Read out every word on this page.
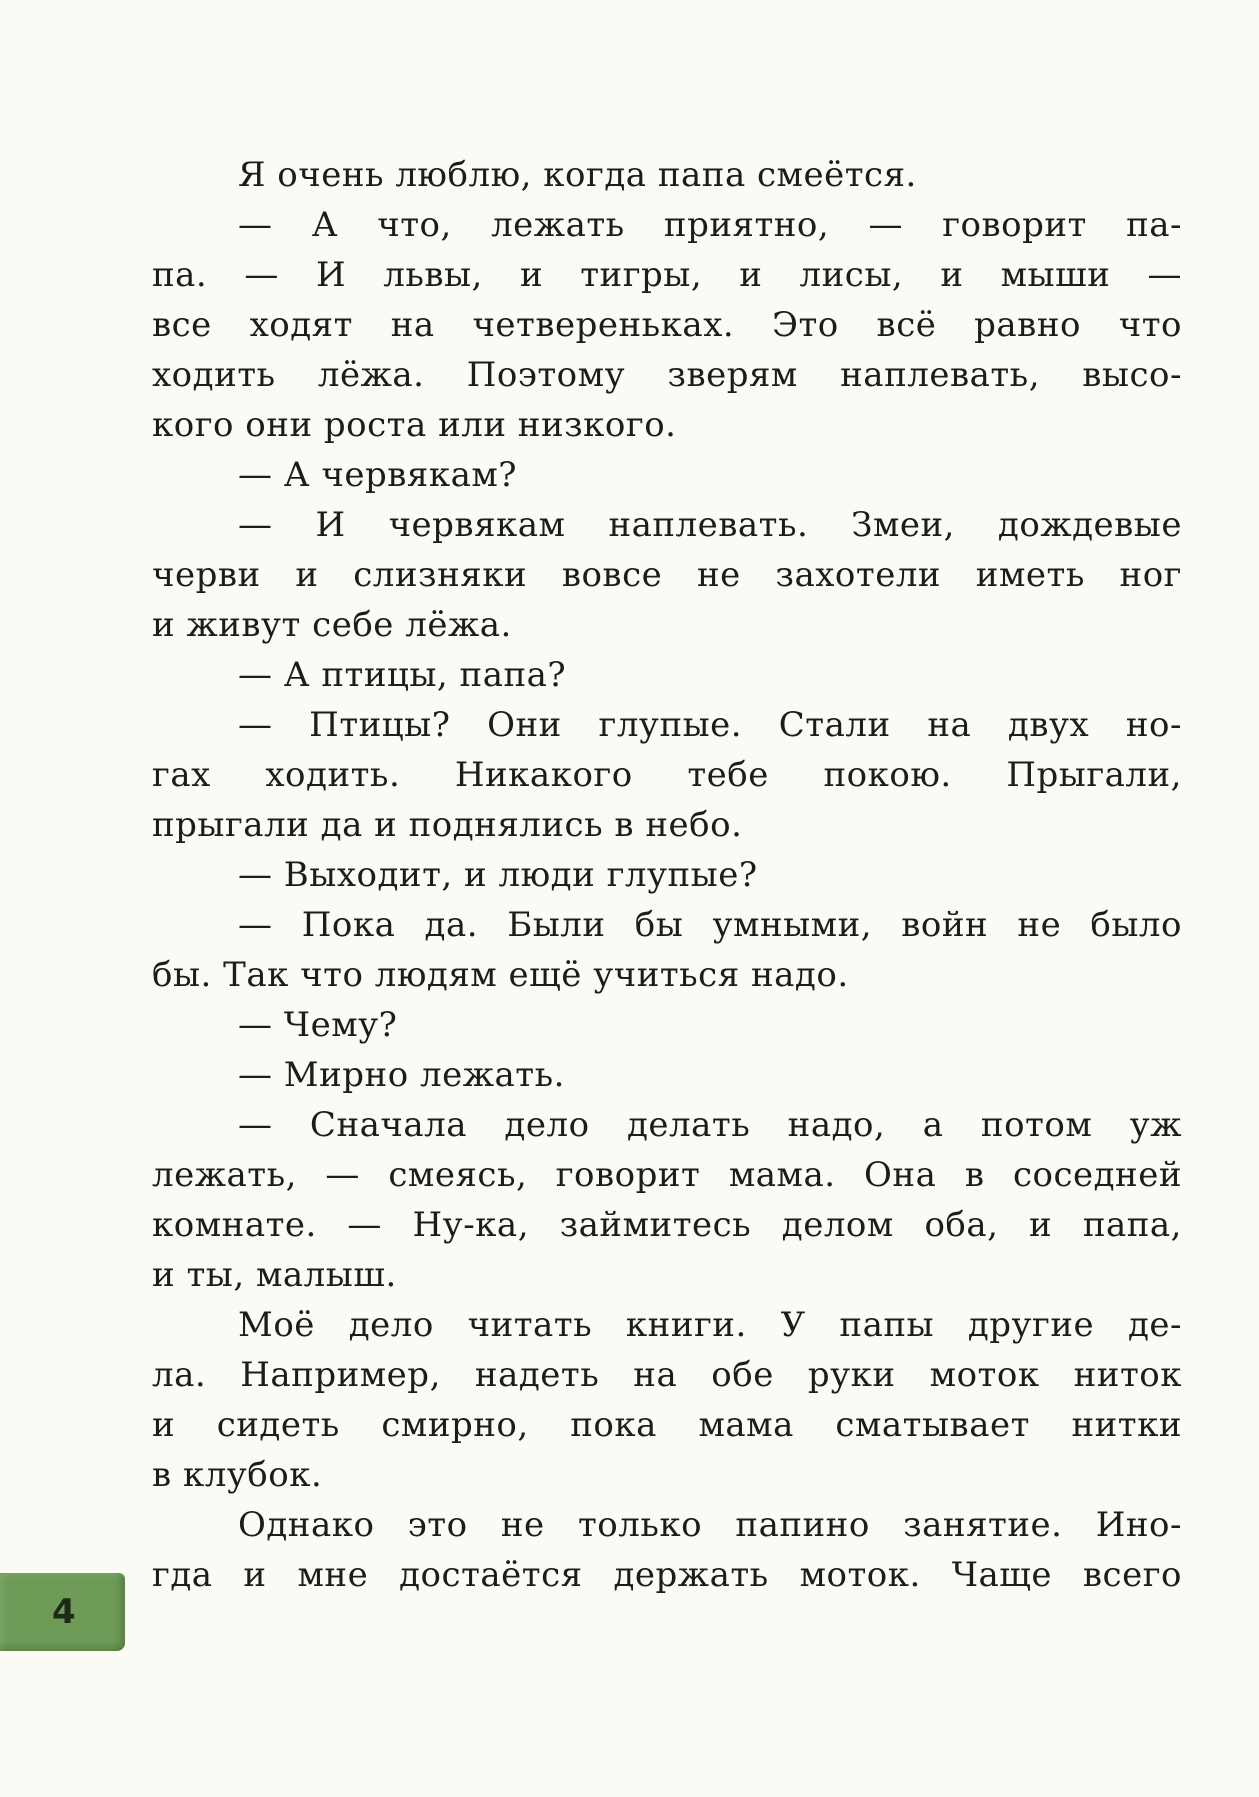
Я очень люблю, когда папа смеётся.
— А что, лежать приятно, — говорит па-
па. — И львы, и тигры, и лисы, и мыши —
все ходят на четвереньках. Это всё равно что
ходить лёжа. Поэтому зверям наплевать, высо-
кого они роста или низкого.
— А червякам?
— И червякам наплевать. Змеи, дождевые
черви и слизняки вовсе не захотели иметь ног
и живут себе лёжа.
— А птицы, папа?
— Птицы? Они глупые. Стали на двух но-
гах ходить. Никакого тебе покою. Прыгали,
прыгали да и поднялись в небо.
— Выходит, и люди глупые?
— Пока да. Были бы умными, войн не было
бы. Так что людям ещё учиться надо.
— Чему?
— Мирно лежать.
— Сначала дело делать надо, а потом уж
лежать, — смеясь, говорит мама. Она в соседней
комнате. — Ну-ка, займитесь делом оба, и папа,
и ты, малыш.
Моё дело читать книги. У папы другие де-
ла. Например, надеть на обе руки моток ниток
и сидеть смирно, пока мама сматывает нитки
в клубок.
Однако это не только папино занятие. Ино-
гда и мне достаётся держать моток. Чаще всего
4
